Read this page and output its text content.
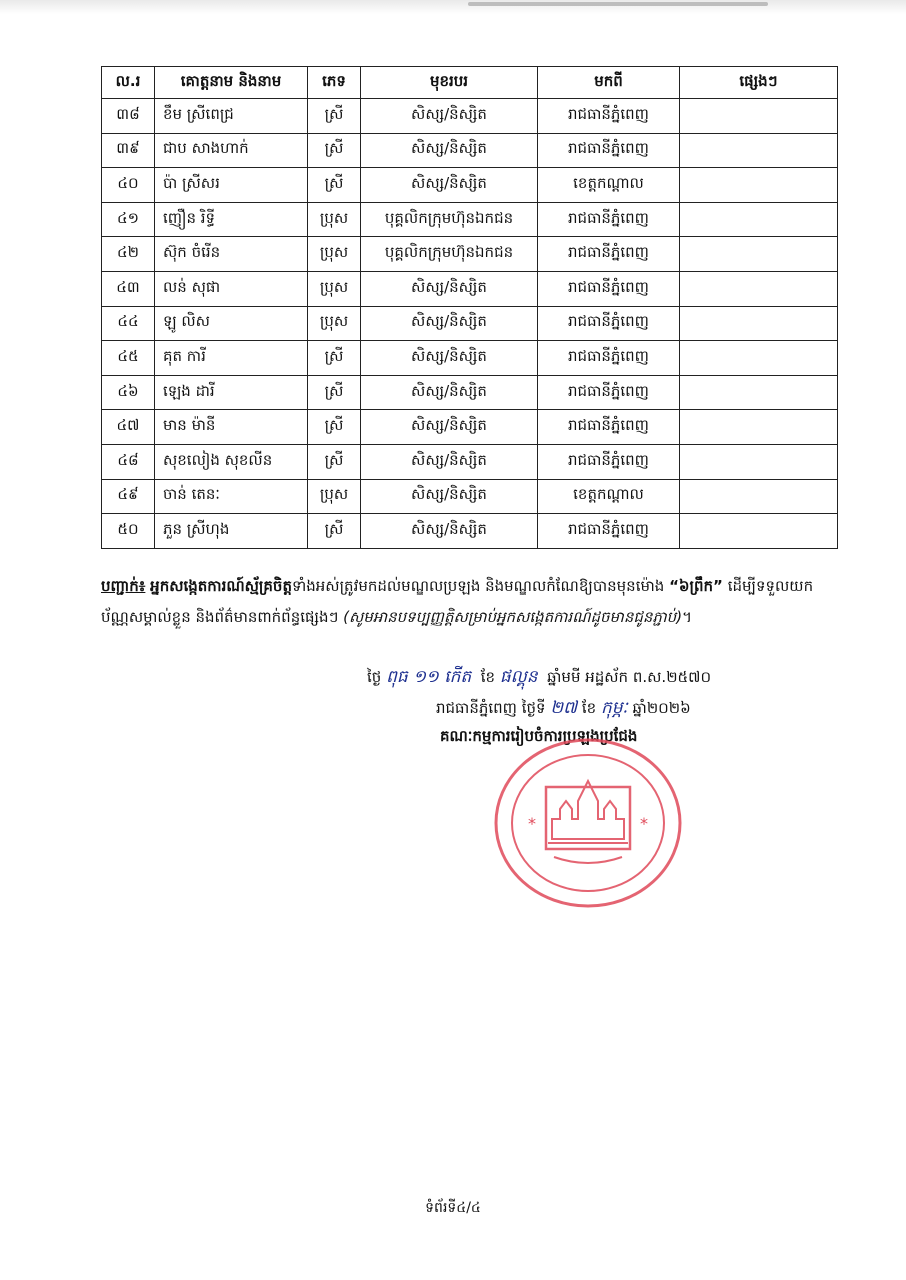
ល.រ	គោត្តនាម និងនាម	ភេទ	មុខរបរ	មកពី	ផ្សេងៗ
៣៨	ខឹម ស្រីពេជ្រ	ស្រី	សិស្ស/និស្សិត	រាជធានីភ្នំពេញ	
៣៩	ជាប សាងហាក់	ស្រី	សិស្ស/និស្សិត	រាជធានីភ្នំពេញ	
៤០	ប៉ា ស្រីសរ	ស្រី	សិស្ស/និស្សិត	ខេត្តកណ្តាល	
៤១	ញឿន រិទ្ធី	ប្រុស	បុគ្គលិកក្រុមហ៊ុនឯកជន	រាជធានីភ្នំពេញ	
៤២	ស៊ុក ចំរើន	ប្រុស	បុគ្គលិកក្រុមហ៊ុនឯកជន	រាជធានីភ្នំពេញ	
៤៣	លន់ សុផា	ប្រុស	សិស្ស/និស្សិត	រាជធានីភ្នំពេញ	
៤៤	ឡូ លិស	ប្រុស	សិស្ស/និស្សិត	រាជធានីភ្នំពេញ	
៤៥	គុត ការី	ស្រី	សិស្ស/និស្សិត	រាជធានីភ្នំពេញ	
៤៦	ឡេង ដារី	ស្រី	សិស្ស/និស្សិត	រាជធានីភ្នំពេញ	
៤៧	មាន ម៉ានី	ស្រី	សិស្ស/និស្សិត	រាជធានីភ្នំពេញ	
៤៨	សុខលៀង សុខលីន	ស្រី	សិស្ស/និស្សិត	រាជធានីភ្នំពេញ	
៤៩	ចាន់ តេនៈ	ប្រុស	សិស្ស/និស្សិត	ខេត្តកណ្តាល	
៥០	ភួន ស្រីហុង	ស្រី	សិស្ស/និស្សិត	រាជធានីភ្នំពេញ	
បញ្ជាក់៖ អ្នកសង្កេតការណ៍ស្ម័គ្រចិត្តទាំងអស់ត្រូវមកដល់មណ្ឌលប្រឡង និងមណ្ឌលកំណែឱ្យបានមុនម៉ោង “៦ព្រឹក” ដើម្បីទទួលយកប័ណ្ណសម្គាល់ខ្លួន និងព័ត៌មានពាក់ព័ន្ធផ្សេងៗ (សូមអានបទប្បញ្ញត្តិសម្រាប់អ្នកសង្កេតការណ៍ដូចមានជូនភ្ជាប់)។
ថ្ងៃ ពុធ ១១ កើត ខែ ផល្គុន ឆ្នាំមមី អដ្ឋស័ក ព.ស.២៥៧០
រាជធានីភ្នំពេញ ថ្ងៃទី ២៧ ខែ កុម្ភៈ ឆ្នាំ២០២៦
គណៈកម្មការរៀបចំការប្រឡងប្រជែង
*	*
ទំព័រទី៤/៤
